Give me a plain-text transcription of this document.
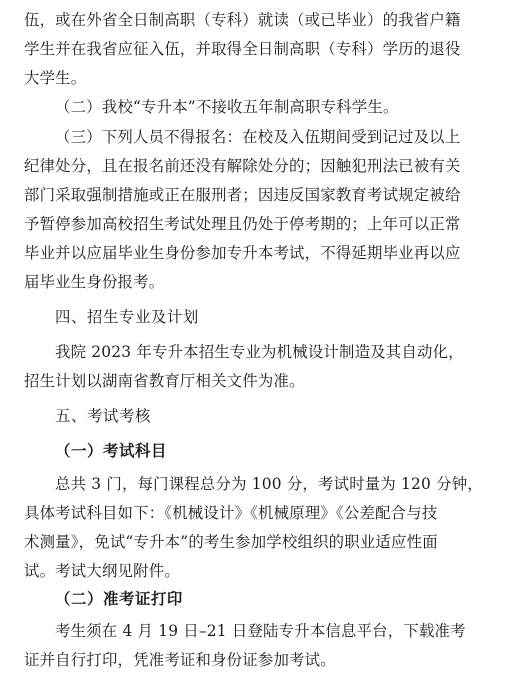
伍，或在外省全日制高职（专科）就读（或已毕业）的我省户籍
学生并在我省应征入伍，并取得全日制高职（专科）学历的退役
大学生。
（二）我校“专升本”不接收五年制高职专科学生。
（三）下列人员不得报名：在校及入伍期间受到记过及以上
纪律处分，且在报名前还没有解除处分的；因触犯刑法已被有关
部门采取强制措施或正在服刑者；因违反国家教育考试规定被给
予暂停参加高校招生考试处理且仍处于停考期的；上年可以正常
毕业并以应届毕业生身份参加专升本考试，不得延期毕业再以应
届毕业生身份报考。
四、招生专业及计划
我院 2023 年专升本招生专业为机械设计制造及其自动化，
招生计划以湖南省教育厅相关文件为准。
五、考试考核
（一）考试科目
总共 3 门，每门课程总分为 100 分，考试时量为 120 分钟，
具体考试科目如下：《机械设计》《机械原理》《公差配合与技
术测量》，免试“专升本”的考生参加学校组织的职业适应性面
试。考试大纲见附件。
（二）准考证打印
考生须在 4 月 19 日–21 日登陆专升本信息平台，下载准考
证并自行打印，凭准考证和身份证参加考试。
